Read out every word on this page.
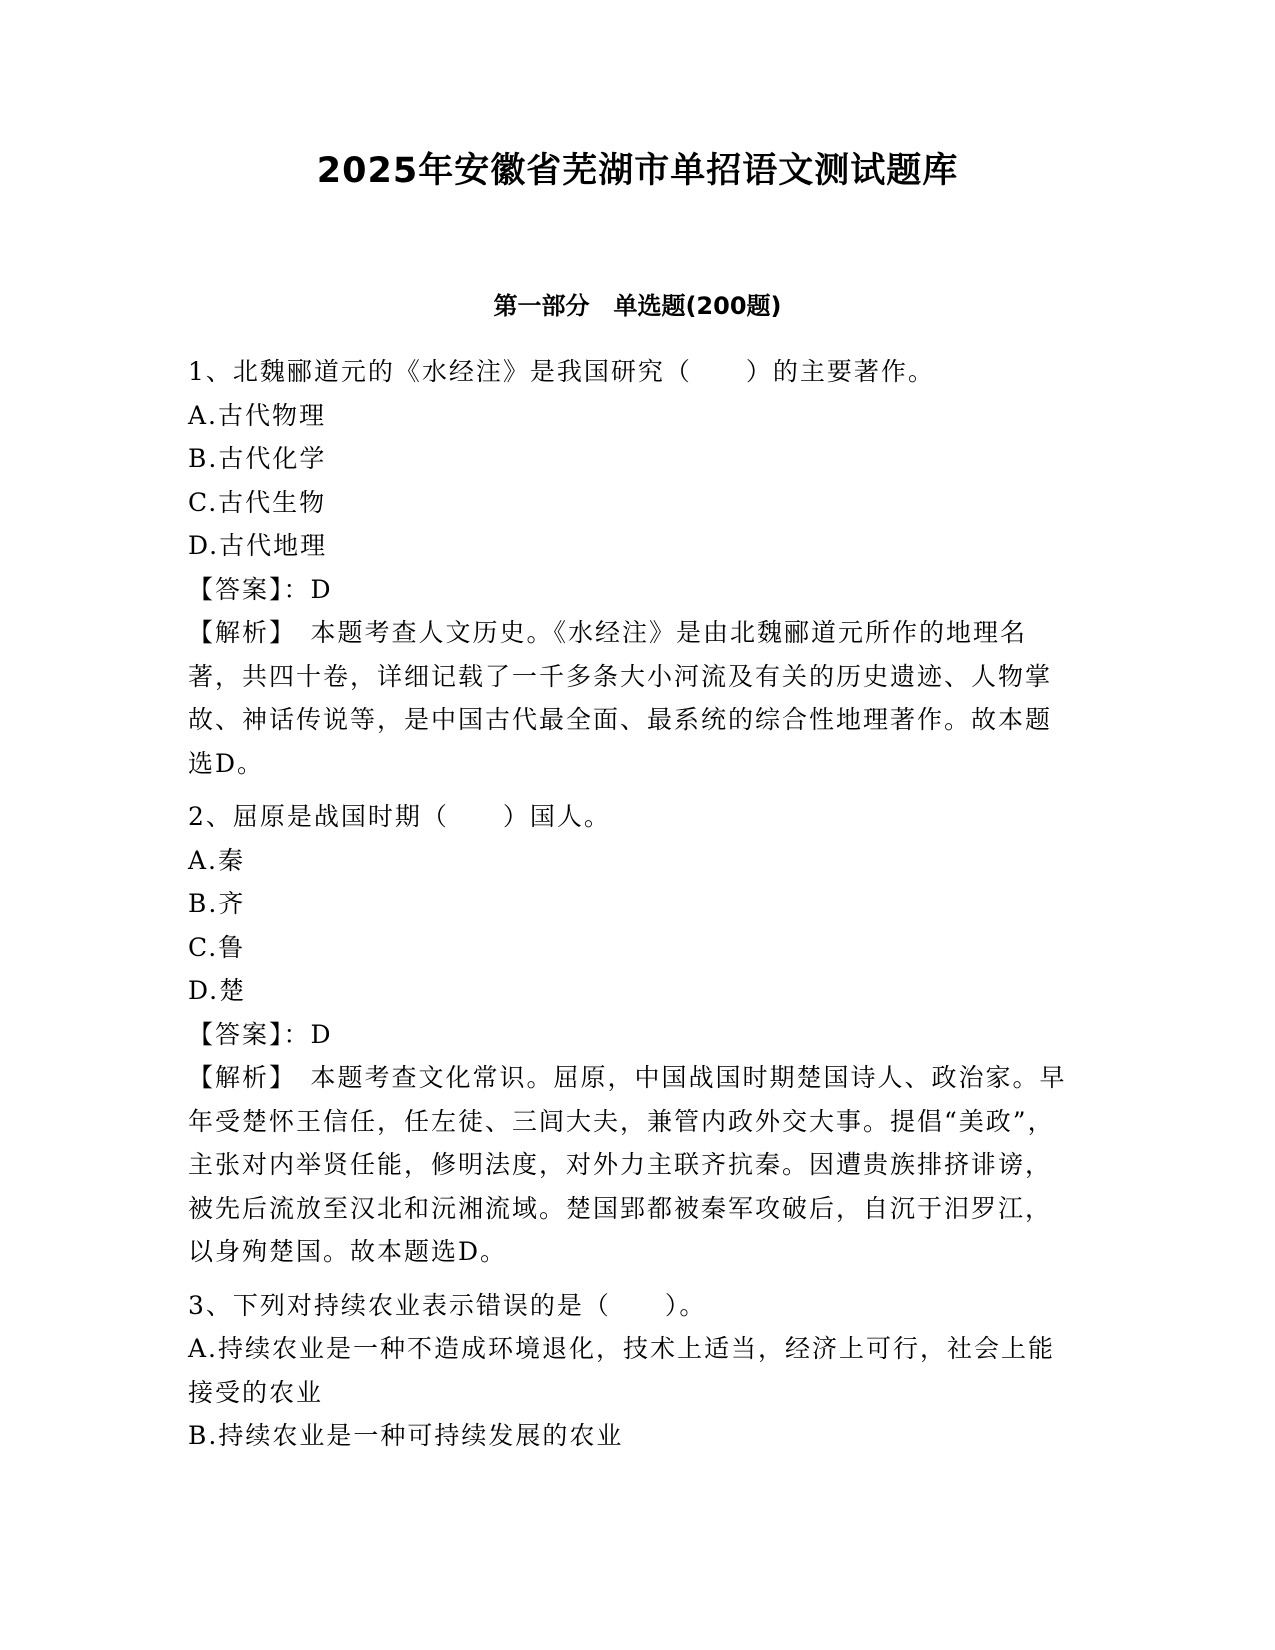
2025年安徽省芜湖市单招语文测试题库
第一部分　单选题(200题)
1、北魏郦道元的《水经注》是我国研究（　　）的主要著作。
A.古代物理
B.古代化学
C.古代生物
D.古代地理
【答案】：D
【解析】　本题考查人文历史。《水经注》是由北魏郦道元所作的地理名著，共四十卷，详细记载了一千多条大小河流及有关的历史遗迹、人物掌故、神话传说等，是中国古代最全面、最系统的综合性地理著作。故本题选D。
2、屈原是战国时期（　　）国人。
A.秦
B.齐
C.鲁
D.楚
【答案】：D
【解析】　本题考查文化常识。屈原，中国战国时期楚国诗人、政治家。早年受楚怀王信任，任左徒、三闾大夫，兼管内政外交大事。提倡“美政”，主张对内举贤任能，修明法度，对外力主联齐抗秦。因遭贵族排挤诽谤，被先后流放至汉北和沅湘流域。楚国郢都被秦军攻破后，自沉于汨罗江，以身殉楚国。故本题选D。
3、下列对持续农业表示错误的是（　　）。
A.持续农业是一种不造成环境退化，技术上适当，经济上可行，社会上能接受的农业
B.持续农业是一种可持续发展的农业
